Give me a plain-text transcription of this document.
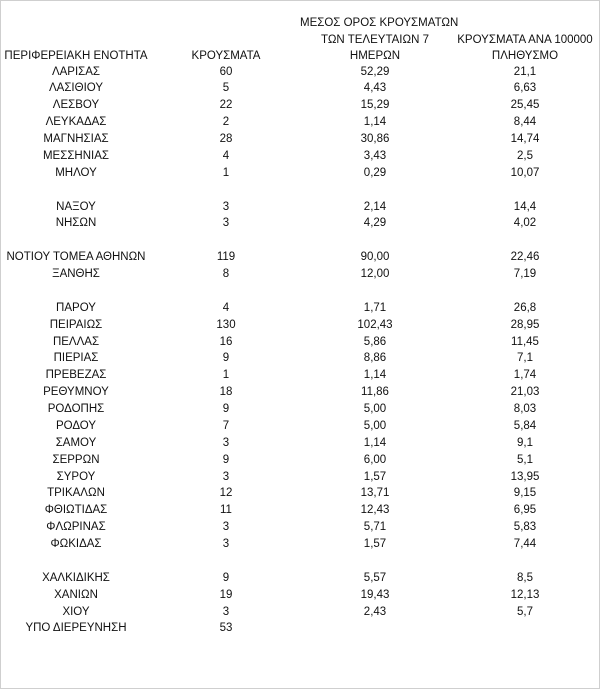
ΠΕΡΙΦΕΡΕΙΑΚΗ ΕΝΟΤΗΤΑ	ΚΡΟΥΣΜΑΤΑ
ΜΕΣΟΣ ΟΡΟΣ ΚΡΟΥΣΜΑΤΩΝ
ΤΩΝ ΤΕΛΕΥΤΑΙΩΝ 7
ΗΜΕΡΩΝ
ΚΡΟΥΣΜΑΤΑ ΑΝΑ 100000
ΠΛΗΘΥΣΜΟ
ΛΑΡΙΣΑΣ	60	52,29	21,1
ΛΑΣΙΘΙΟΥ	5	4,43	6,63
ΛΕΣΒΟΥ	22	15,29	25,45
ΛΕΥΚΑΔΑΣ	2	1,14	8,44
ΜΑΓΝΗΣΙΑΣ	28	30,86	14,74
ΜΕΣΣΗΝΙΑΣ	4	3,43	2,5
ΜΗΛΟΥ	1	0,29	10,07
ΝΑΞΟΥ	3	2,14	14,4
ΝΗΣΩΝ	3	4,29	4,02
ΝΟΤΙΟΥ ΤΟΜΕΑ ΑΘΗΝΩΝ	119	90,00	22,46
ΞΑΝΘΗΣ	8	12,00	7,19
ΠΑΡΟΥ	4	1,71	26,8
ΠΕΙΡΑΙΩΣ	130	102,43	28,95
ΠΕΛΛΑΣ	16	5,86	11,45
ΠΙΕΡΙΑΣ	9	8,86	7,1
ΠΡΕΒΕΖΑΣ	1	1,14	1,74
ΡΕΘΥΜΝΟΥ	18	11,86	21,03
ΡΟΔΟΠΗΣ	9	5,00	8,03
ΡΟΔΟΥ	7	5,00	5,84
ΣΑΜΟΥ	3	1,14	9,1
ΣΕΡΡΩΝ	9	6,00	5,1
ΣΥΡΟΥ	3	1,57	13,95
ΤΡΙΚΑΛΩΝ	12	13,71	9,15
ΦΘΙΩΤΙΔΑΣ	11	12,43	6,95
ΦΛΩΡΙΝΑΣ	3	5,71	5,83
ΦΩΚΙΔΑΣ	3	1,57	7,44
ΧΑΛΚΙΔΙΚΗΣ	9	5,57	8,5
ΧΑΝΙΩΝ	19	19,43	12,13
ΧΙΟΥ	3	2,43	5,7
ΥΠΟ ΔΙΕΡΕΥΝΗΣΗ	53
